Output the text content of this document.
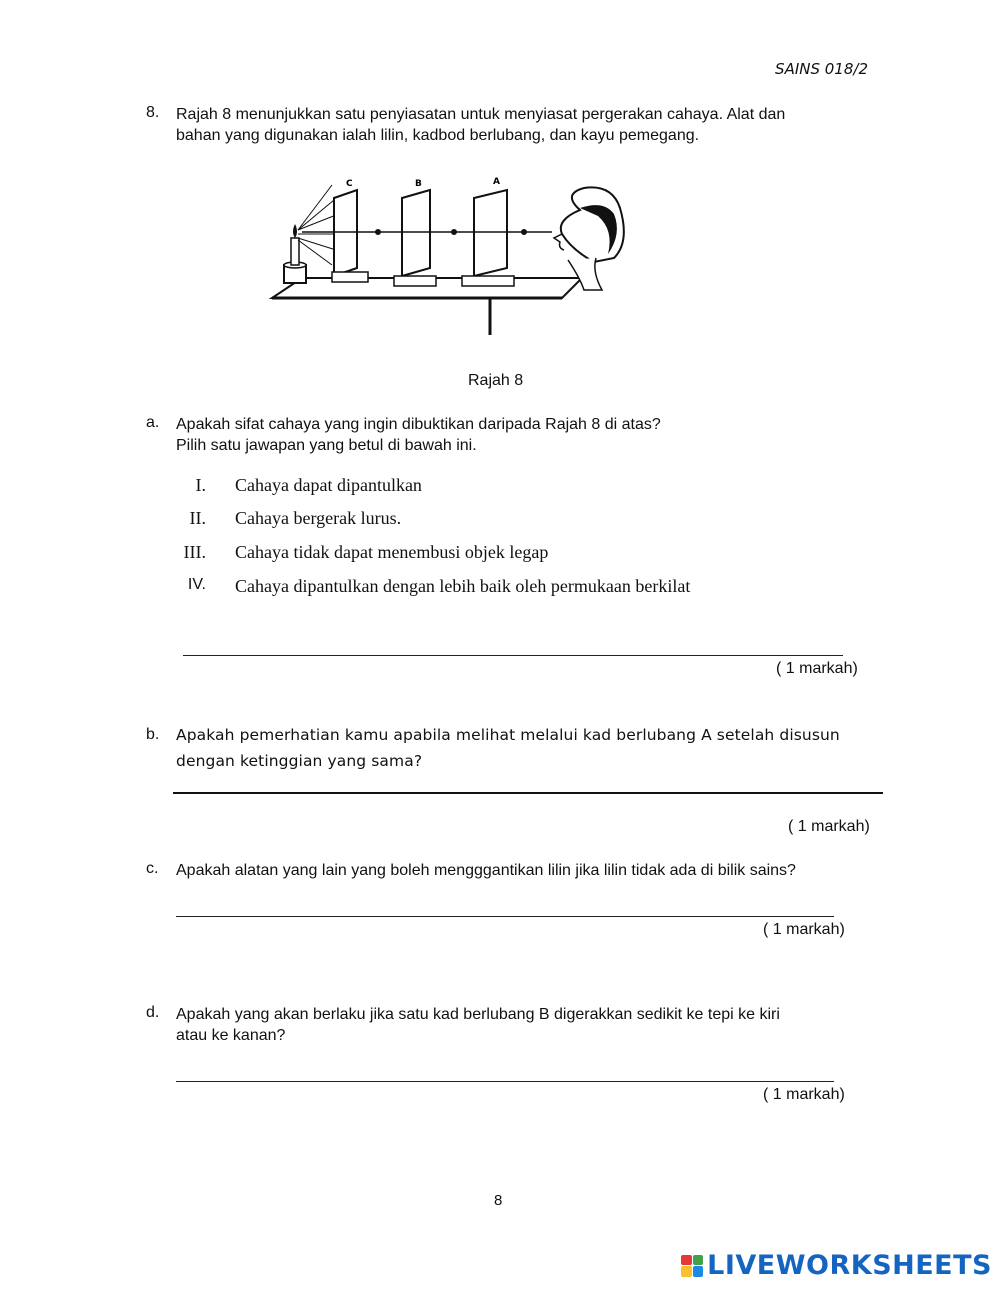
SAINS 018/2
8. Rajah 8 menunjukkan satu penyiasatan untuk menyiasat pergerakan cahaya. Alat dan
bahan yang digunakan ialah lilin, kadbod berlubang, dan kayu pemegang.
C	B	A
Rajah 8
a. Apakah sifat cahaya yang ingin dibuktikan daripada Rajah 8 di atas?
Pilih satu jawapan yang betul di bawah ini.
I. Cahaya dapat dipantulkan
II. Cahaya bergerak lurus.
III. Cahaya tidak dapat menembusi objek legap
IV. Cahaya dipantulkan dengan lebih baik oleh permukaan berkilat
( 1 markah)
b. Apakah pemerhatian kamu apabila melihat melalui kad berlubang A setelah disusun
dengan ketinggian yang sama?
( 1 markah)
c. Apakah alatan yang lain yang boleh mengggantikan lilin jika lilin tidak ada di bilik sains?
( 1 markah)
d. Apakah yang akan berlaku jika satu kad berlubang B digerakkan sedikit ke tepi ke kiri
atau ke kanan?
( 1 markah)
8
LIVEWORKSHEETS
